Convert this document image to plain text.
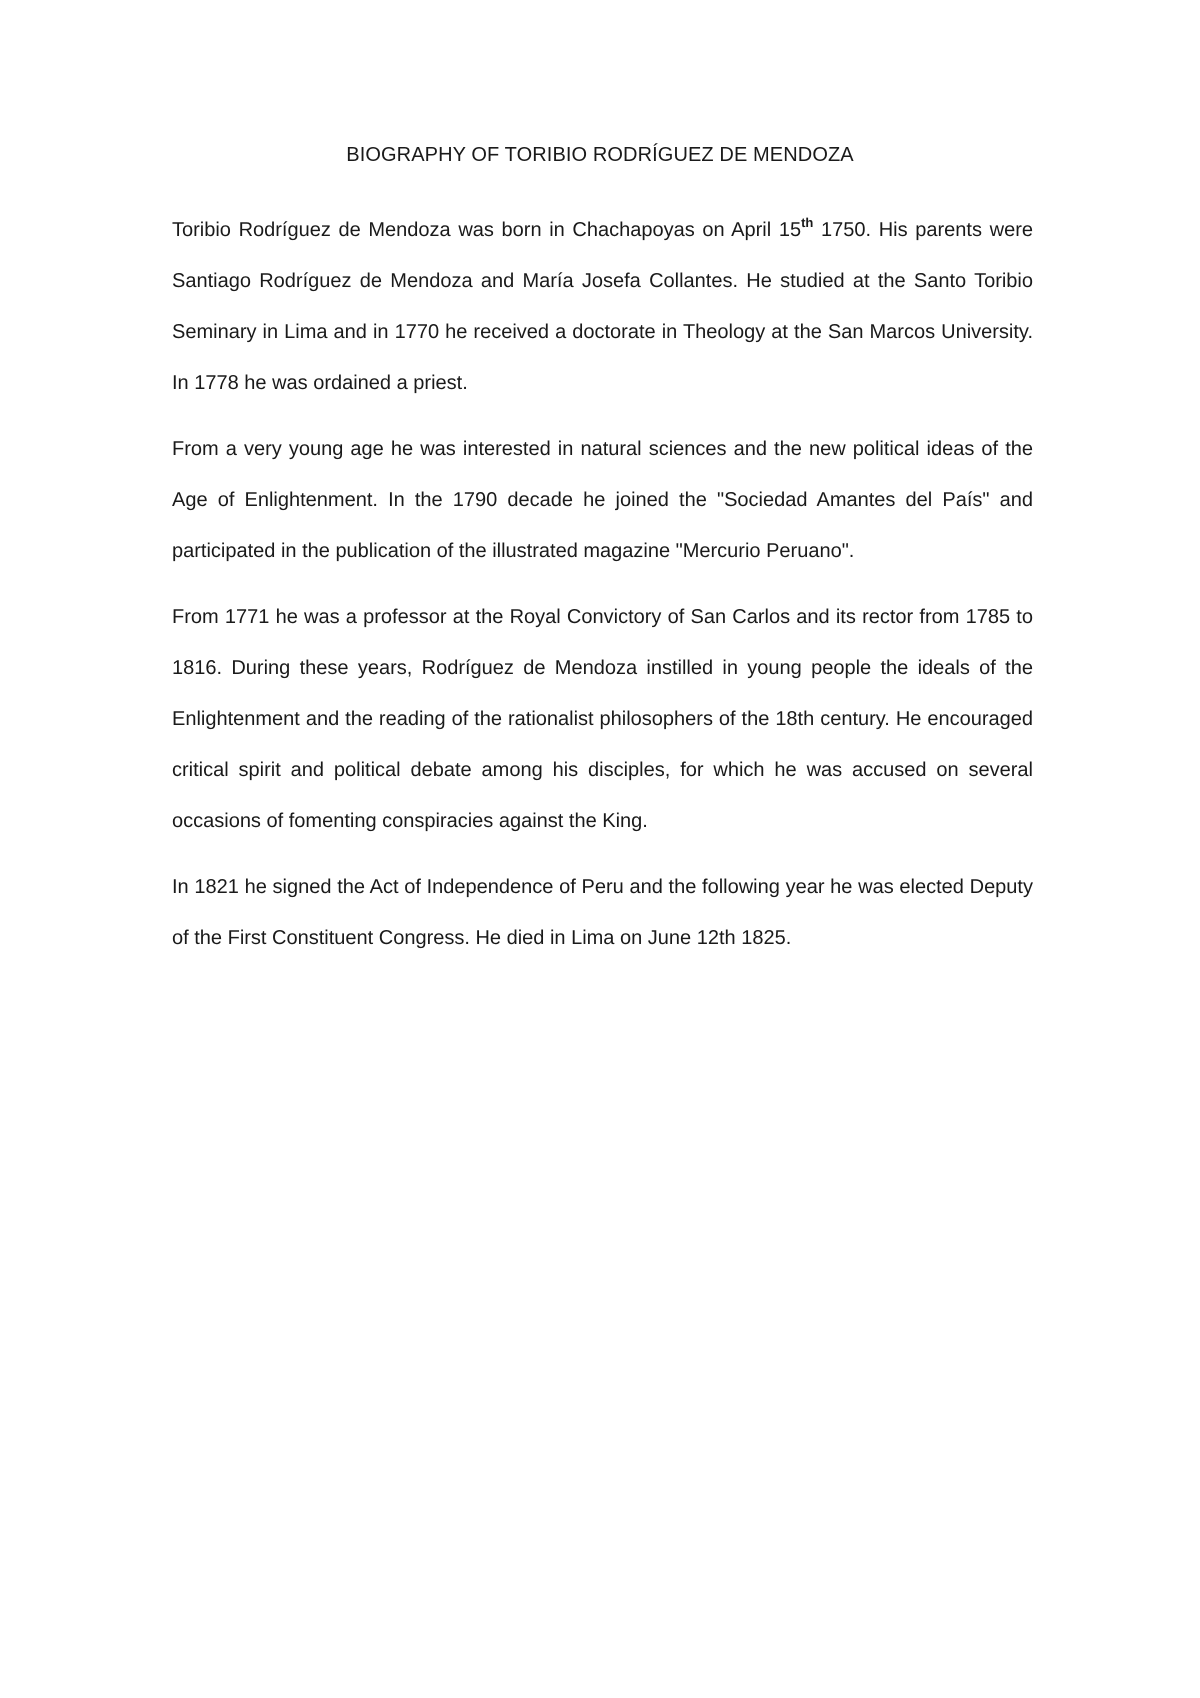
BIOGRAPHY OF TORIBIO RODRÍGUEZ DE MENDOZA

Toribio Rodríguez de Mendoza was born in Chachapoyas on April 15th 1750. His parents were Santiago Rodríguez de Mendoza and María Josefa Collantes. He studied at the Santo Toribio Seminary in Lima and in 1770 he received a doctorate in Theology at the San Marcos University. In 1778 he was ordained a priest.

From a very young age he was interested in natural sciences and the new political ideas of the Age of Enlightenment. In the 1790 decade he joined the "Sociedad Amantes del País" and participated in the publication of the illustrated magazine "Mercurio Peruano".

From 1771 he was a professor at the Royal Convictory of San Carlos and its rector from 1785 to 1816. During these years, Rodríguez de Mendoza instilled in young people the ideals of the Enlightenment and the reading of the rationalist philosophers of the 18th century. He encouraged critical spirit and political debate among his disciples, for which he was accused on several occasions of fomenting conspiracies against the King.

In 1821 he signed the Act of Independence of Peru and the following year he was elected Deputy of the First Constituent Congress. He died in Lima on June 12th 1825.
